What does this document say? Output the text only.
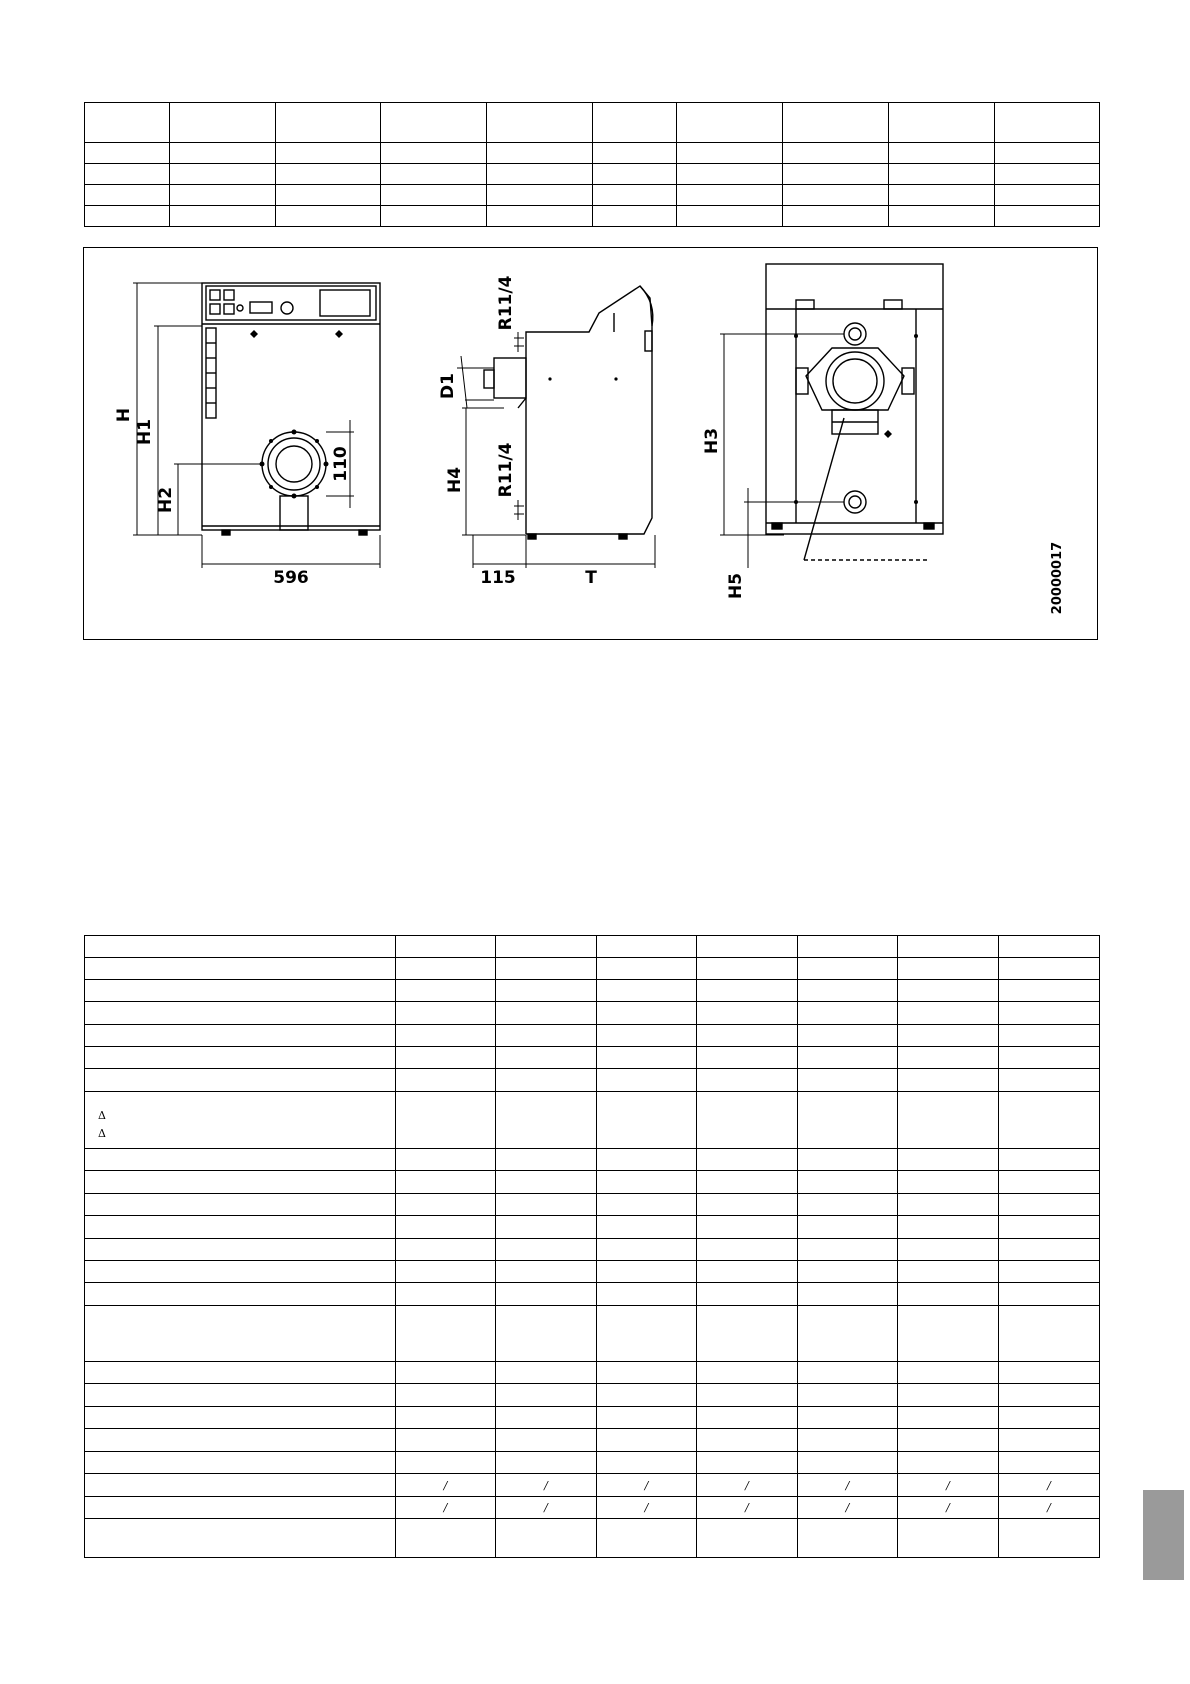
H
H1
H2
110
596
R11/4
D1
H4 R11/4
115	T
H3
H5	20000017

Δ
Δ							

	/	/	/	/	/	/	/
	/	/	/	/	/	/	/
